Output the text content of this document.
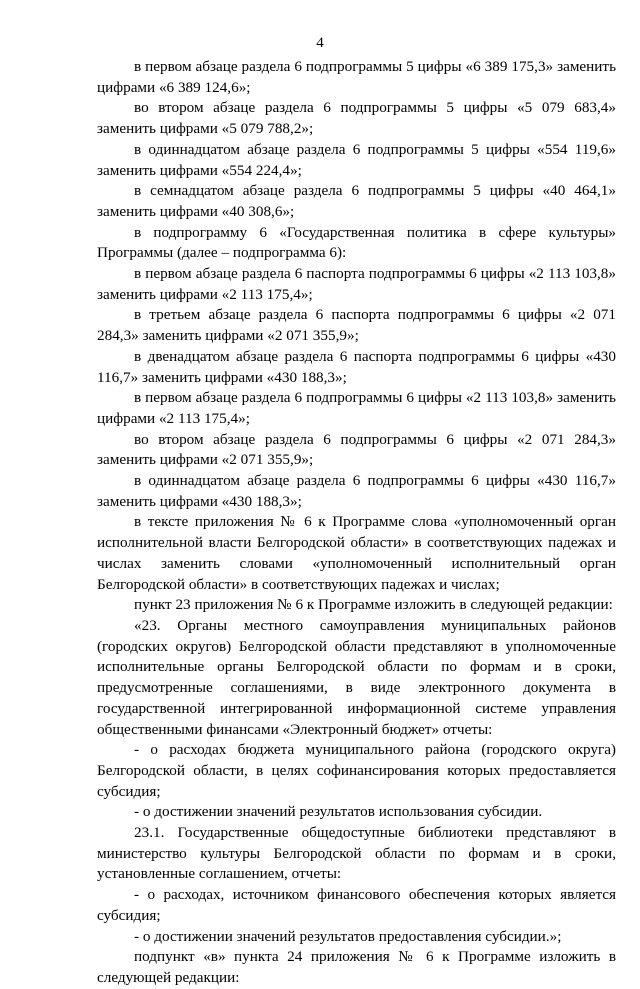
4

в первом абзаце раздела 6 подпрограммы 5 цифры «6 389 175,3» заменить цифрами «6 389 124,6»;

во втором абзаце раздела 6 подпрограммы 5 цифры «5 079 683,4» заменить цифрами «5 079 788,2»;

в одиннадцатом абзаце раздела 6 подпрограммы 5 цифры «554 119,6» заменить цифрами «554 224,4»;

в семнадцатом абзаце раздела 6 подпрограммы 5 цифры «40 464,1» заменить цифрами «40 308,6»;

в подпрограмму 6 «Государственная политика в сфере культуры» Программы (далее – подпрограмма 6):

в первом абзаце раздела 6 паспорта подпрограммы 6 цифры «2 113 103,8» заменить цифрами «2 113 175,4»;

в третьем абзаце раздела 6 паспорта подпрограммы 6 цифры «2 071 284,3» заменить цифрами «2 071 355,9»;

в двенадцатом абзаце раздела 6 паспорта подпрограммы 6 цифры «430 116,7» заменить цифрами «430 188,3»;

в первом абзаце раздела 6 подпрограммы 6 цифры «2 113 103,8» заменить цифрами «2 113 175,4»;

во втором абзаце раздела 6 подпрограммы 6 цифры «2 071 284,3» заменить цифрами «2 071 355,9»;

в одиннадцатом абзаце раздела 6 подпрограммы 6 цифры «430 116,7» заменить цифрами «430 188,3»;

в тексте приложения № 6 к Программе слова «уполномоченный орган исполнительной власти Белгородской области» в соответствующих падежах и числах заменить словами «уполномоченный исполнительный орган Белгородской области» в соответствующих падежах и числах;

пункт 23 приложения № 6 к Программе изложить в следующей редакции:

«23. Органы местного самоуправления муниципальных районов (городских округов) Белгородской области представляют в уполномоченные исполнительные органы Белгородской области по формам и в сроки, предусмотренные соглашениями, в виде электронного документа в государственной интегрированной информационной системе управления общественными финансами «Электронный бюджет» отчеты:

- о расходах бюджета муниципального района (городского округа) Белгородской области, в целях софинансирования которых предоставляется субсидия;

- о достижении значений результатов использования субсидии.

23.1. Государственные общедоступные библиотеки представляют в министерство культуры Белгородской области по формам и в сроки, установленные соглашением, отчеты:

- о расходах, источником финансового обеспечения которых является субсидия;

- о достижении значений результатов предоставления субсидии.»;

подпункт «в» пункта 24 приложения № 6 к Программе изложить в следующей редакции:
